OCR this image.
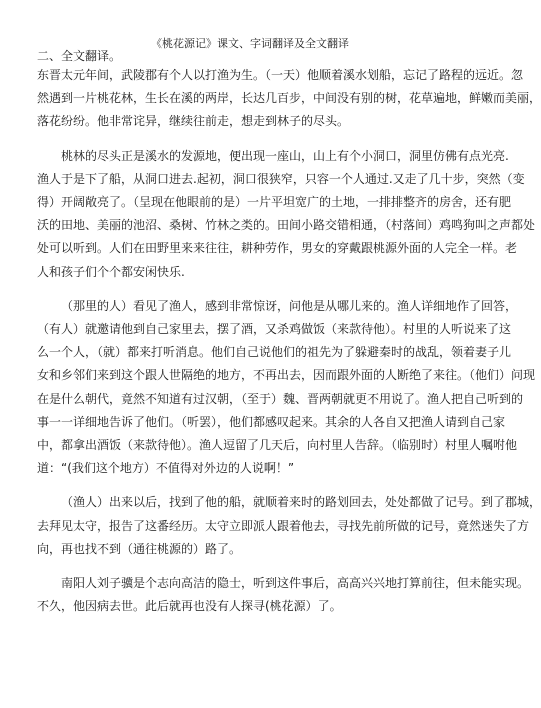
《桃花源记》课文、字词翻译及全文翻译
二、全文翻译。
东晋太元年间，武陵郡有个人以打渔为生。（一天）他顺着溪水划船，忘记了路程的远近。忽
然遇到一片桃花林，生长在溪的两岸，长达几百步，中间没有别的树，花草遍地，鲜嫩而美丽，
落花纷纷。他非常诧异，继续往前走，想走到林子的尽头。
桃林的尽头正是溪水的发源地，便出现一座山，山上有个小洞口，洞里仿佛有点光亮.
渔人于是下了船，从洞口进去.起初，洞口很狭窄，只容一个人通过.又走了几十步，突然（变
得）开阔敞亮了。（呈现在他眼前的是）一片平坦宽广的土地，一排排整齐的房舍，还有肥
沃的田地、美丽的池沼、桑树、竹林之类的。田间小路交错相通，（村落间）鸡鸣狗叫之声都处
处可以听到。人们在田野里来来往往，耕种劳作，男女的穿戴跟桃源外面的人完全一样。老
人和孩子们个个都安闲快乐.
（那里的人）看见了渔人，感到非常惊讶，问他是从哪儿来的。渔人详细地作了回答，
（有人）就邀请他到自己家里去，摆了酒，又杀鸡做饭（来款待他）。村里的人听说来了这
么一个人，（就）都来打听消息。他们自己说他们的祖先为了躲避秦时的战乱，领着妻子儿
女和乡邻们来到这个跟人世隔绝的地方，不再出去，因而跟外面的人断绝了来往。（他们）问现
在是什么朝代，竟然不知道有过汉朝，（至于）魏、晋两朝就更不用说了。渔人把自己听到的
事一一详细地告诉了他们。（听罢），他们都感叹起来。其余的人各自又把渔人请到自己家
中，都拿出酒饭（来款待他）。渔人逗留了几天后，向村里人告辞。（临别时）村里人嘱咐他
道：“(我们这个地方）不值得对外边的人说啊！”
（渔人）出来以后，找到了他的船，就顺着来时的路划回去，处处都做了记号。到了郡城，
去拜见太守，报告了这番经历。太守立即派人跟着他去，寻找先前所做的记号，竟然迷失了方
向，再也找不到（通往桃源的）路了。
南阳人刘子骥是个志向高洁的隐士，听到这件事后，高高兴兴地打算前往，但未能实现。
不久，他因病去世。此后就再也没有人探寻(桃花源）了。
